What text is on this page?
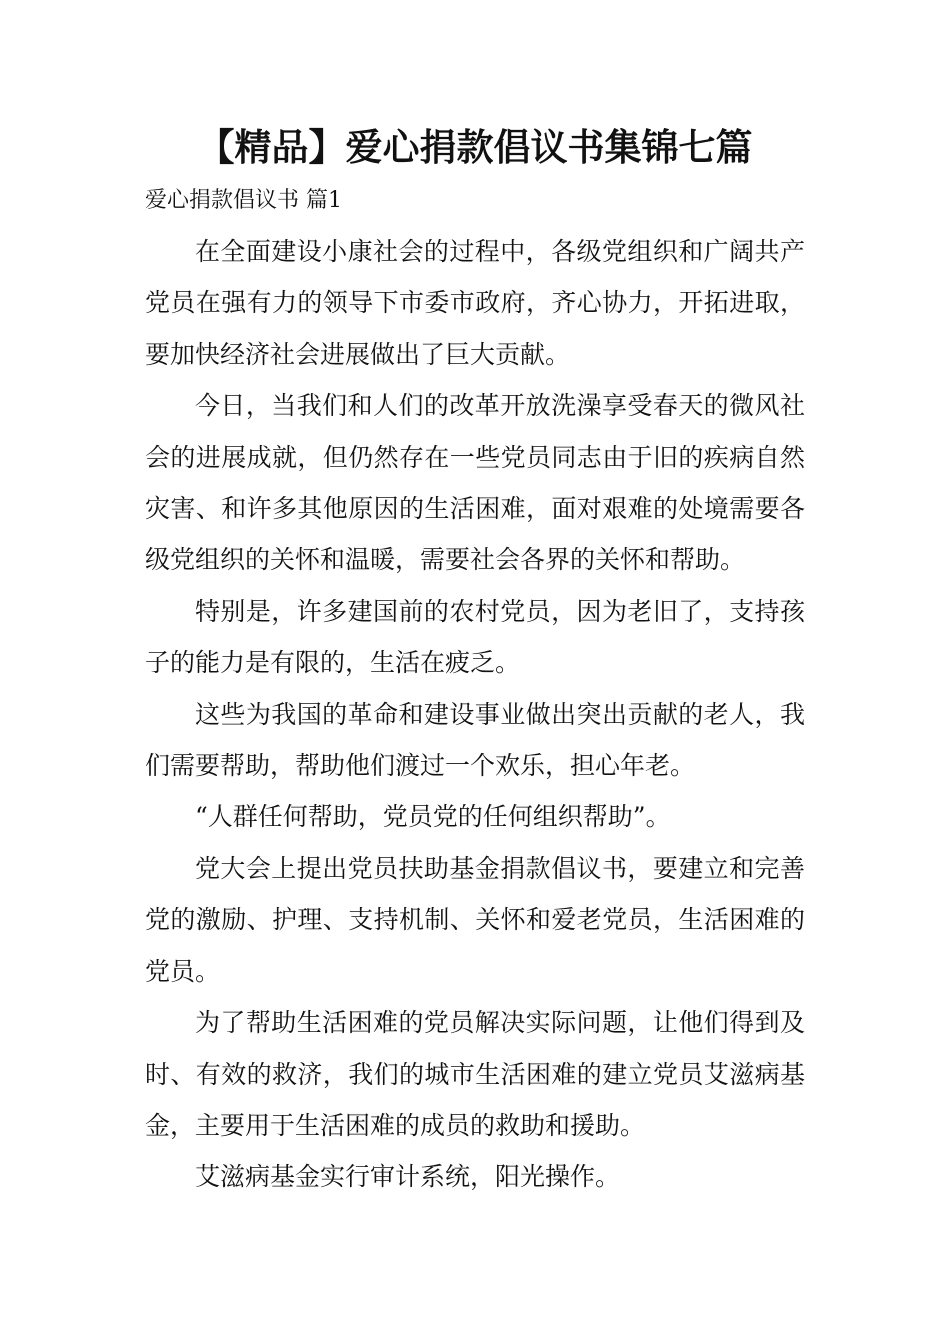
【精品】爱心捐款倡议书集锦七篇
爱心捐款倡议书 篇1

在全面建设小康社会的过程中，各级党组织和广阔共产党员在强有力的领导下市委市政府，齐心协力，开拓进取，要加快经济社会进展做出了巨大贡献。

今日，当我们和人们的改革开放洗澡享受春天的微风社会的进展成就，但仍然存在一些党员同志由于旧的疾病自然灾害、和许多其他原因的生活困难，面对艰难的处境需要各级党组织的关怀和温暖，需要社会各界的关怀和帮助。

特别是，许多建国前的农村党员，因为老旧了，支持孩子的能力是有限的，生活在疲乏。

这些为我国的革命和建设事业做出突出贡献的老人，我们需要帮助，帮助他们渡过一个欢乐，担心年老。

“人群任何帮助，党员党的任何组织帮助”。

党大会上提出党员扶助基金捐款倡议书，要建立和完善党的激励、护理、支持机制、关怀和爱老党员，生活困难的党员。

为了帮助生活困难的党员解决实际问题，让他们得到及时、有效的救济，我们的城市生活困难的建立党员艾滋病基金，主要用于生活困难的成员的救助和援助。

艾滋病基金实行审计系统，阳光操作。
